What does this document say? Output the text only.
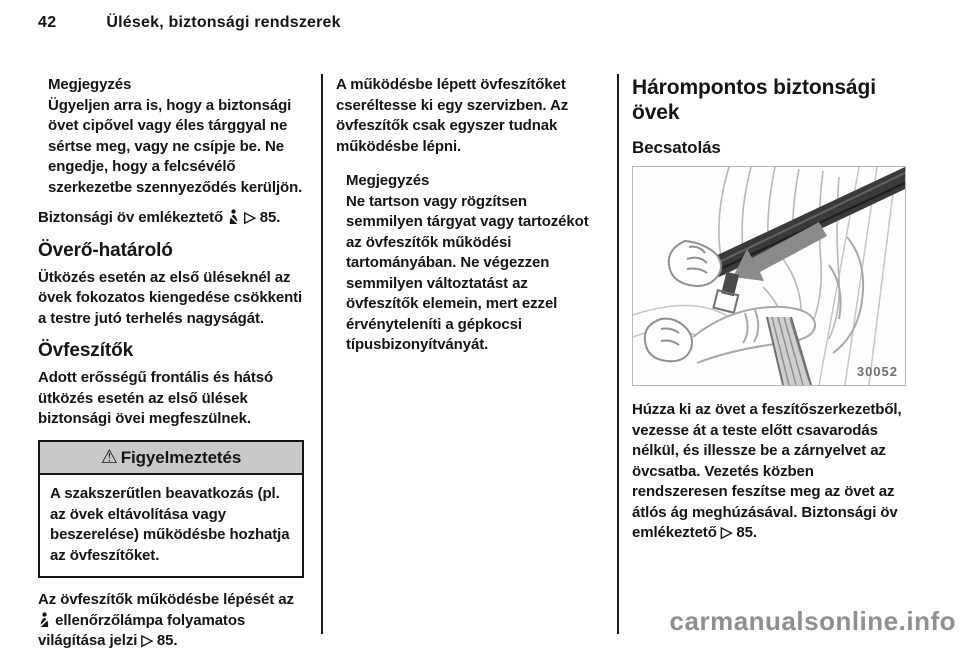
42	Ülések, biztonsági rendszerek

Megjegyzés

Ügyeljen arra is, hogy a biztonsági övet cipővel vagy éles tárggyal ne sértse meg, vagy ne csípje be. Ne engedje, hogy a felcsévélő szerkezetbe szennyeződés kerüljön.

Biztonsági öv emlékeztető ▷ 85.

Överő-határoló

Ütközés esetén az első üléseknél az övek fokozatos kiengedése csökkenti a testre jutó terhelés nagyságát.

Övfeszítők

Adott erősségű frontális és hátsó ütközés esetén az első ülések biztonsági övei megfeszülnek.

⚠ Figyelmeztetés

A szakszerűtlen beavatkozás (pl. az övek eltávolítása vagy beszerelése) működésbe hozhatja az övfeszítőket.

Az övfeszítők működésbe lépését az  ellenőrzőlámpa folyamatos világítása jelzi ▷ 85.

A működésbe lépett övfeszítőket cseréltesse ki egy szervizben. Az övfeszítők csak egyszer tudnak működésbe lépni.

Megjegyzés

Ne tartson vagy rögzítsen semmilyen tárgyat vagy tartozékot az övfeszítők működési tartományában. Ne végezzen semmilyen változtatást az övfeszítők elemein, mert ezzel érvényteleníti a gépkocsi típusbizonyítványát.

Hárompontos biztonsági övek
Becsatolás
30052

Húzza ki az övet a feszítőszerkezetből, vezesse át a teste előtt csavarodás nélkül, és illessze be a zárnyelvet az övcsatba. Vezetés közben rendszeresen feszítse meg az övet az átlós ág meghúzásával. Biztonsági öv emlékeztető ▷ 85.

carmanualsonline.info
